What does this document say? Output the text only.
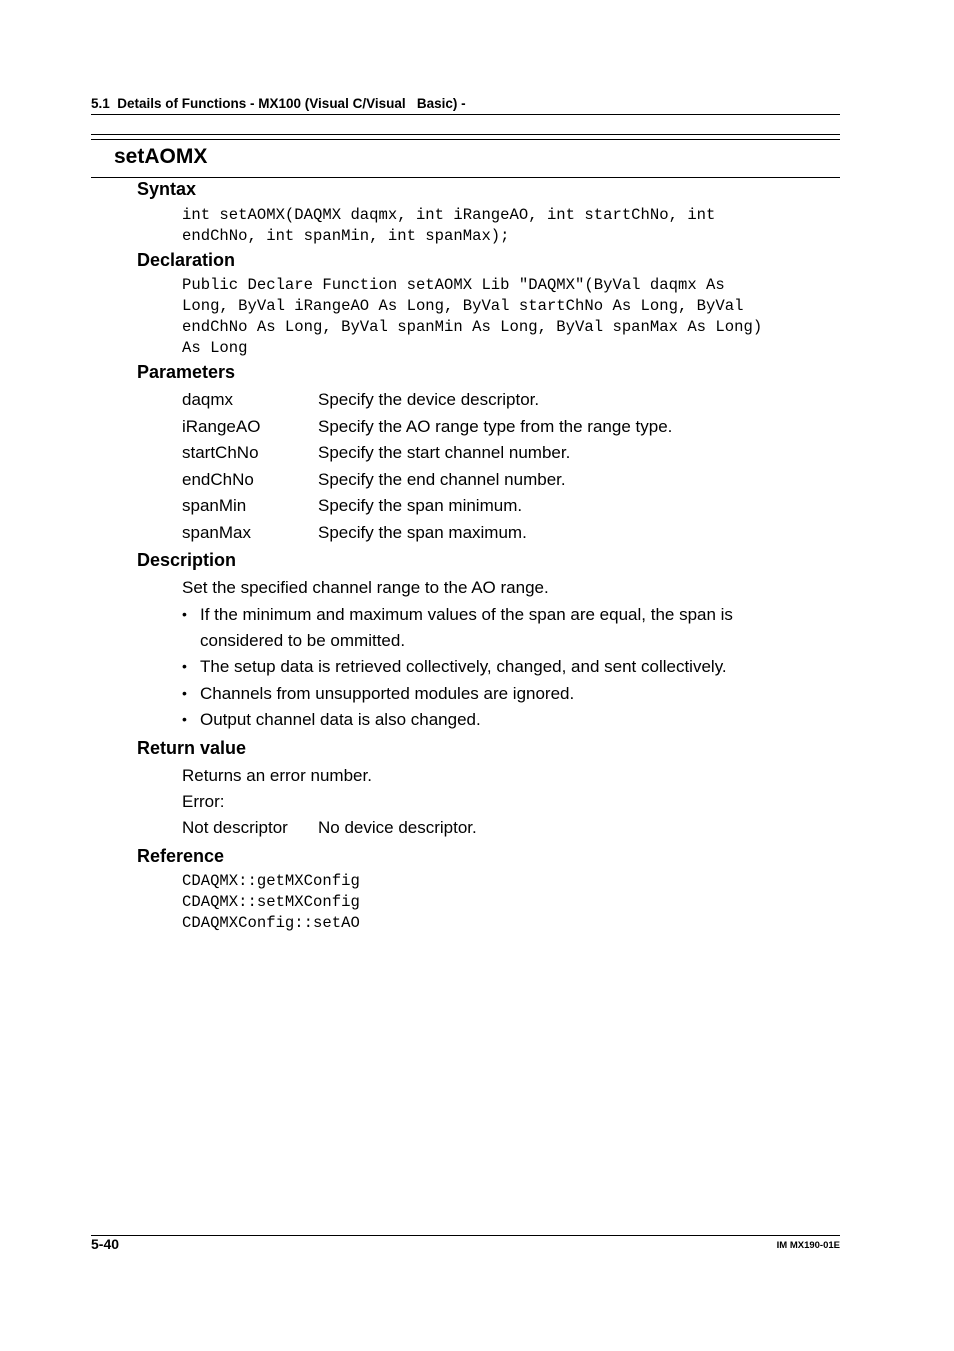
5.1  Details of Functions - MX100 (Visual C/Visual   Basic) -
setAOMX
Syntax
int setAOMX(DAQMX daqmx, int iRangeAO, int startChNo, int
endChNo, int spanMin, int spanMax);
Declaration
Public Declare Function setAOMX Lib "DAQMX"(ByVal daqmx As
Long, ByVal iRangeAO As Long, ByVal startChNo As Long, ByVal
endChNo As Long, ByVal spanMin As Long, ByVal spanMax As Long)
As Long
Parameters
daqmx	Specify the device descriptor.
iRangeAO	Specify the AO range type from the range type.
startChNo	Specify the start channel number.
endChNo	Specify the end channel number.
spanMin	Specify the span minimum.
spanMax	Specify the span maximum.
Description
Set the specified channel range to the AO range.
• If the minimum and maximum values of the span are equal, the span is
considered to be ommitted.
• The setup data is retrieved collectively, changed, and sent collectively.
• Channels from unsupported modules are ignored.
• Output channel data is also changed.
Return value
Returns an error number.
Error:
Not descriptor No device descriptor.
Reference
CDAQMX::getMXConfig
CDAQMX::setMXConfig
CDAQMXConfig::setAO
5-40	IM MX190-01E
